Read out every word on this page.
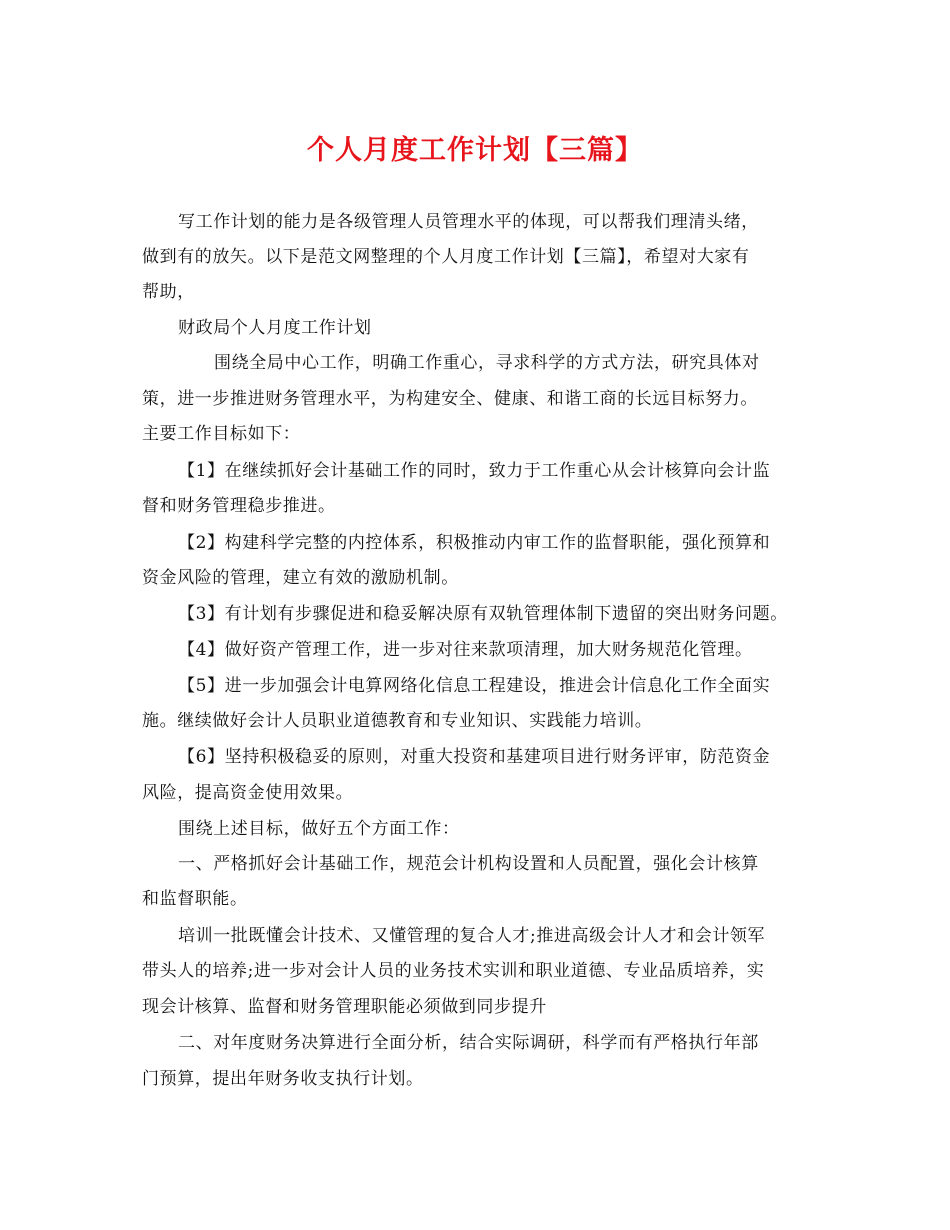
个人月度工作计划【三篇】
写工作计划的能力是各级管理人员管理水平的体现，可以帮我们理清头绪，
做到有的放矢。以下是范文网整理的个人月度工作计划【三篇】，希望对大家有
帮助，
财政局个人月度工作计划
围绕全局中心工作，明确工作重心，寻求科学的方式方法，研究具体对
策，进一步推进财务管理水平，为构建安全、健康、和谐工商的长远目标努力。
主要工作目标如下：
【1】在继续抓好会计基础工作的同时，致力于工作重心从会计核算向会计监
督和财务管理稳步推进。
【2】构建科学完整的内控体系，积极推动内审工作的监督职能，强化预算和
资金风险的管理，建立有效的激励机制。
【3】有计划有步骤促进和稳妥解决原有双轨管理体制下遗留的突出财务问题。
【4】做好资产管理工作，进一步对往来款项清理，加大财务规范化管理。
【5】进一步加强会计电算网络化信息工程建设，推进会计信息化工作全面实
施。继续做好会计人员职业道德教育和专业知识、实践能力培训。
【6】坚持积极稳妥的原则，对重大投资和基建项目进行财务评审，防范资金
风险，提高资金使用效果。
围绕上述目标，做好五个方面工作：
一、严格抓好会计基础工作，规范会计机构设置和人员配置，强化会计核算
和监督职能。
培训一批既懂会计技术、又懂管理的复合人才;推进高级会计人才和会计领军
带头人的培养;进一步对会计人员的业务技术实训和职业道德、专业品质培养，实
现会计核算、监督和财务管理职能必须做到同步提升
二、对年度财务决算进行全面分析，结合实际调研，科学而有严格执行年部
门预算，提出年财务收支执行计划。
